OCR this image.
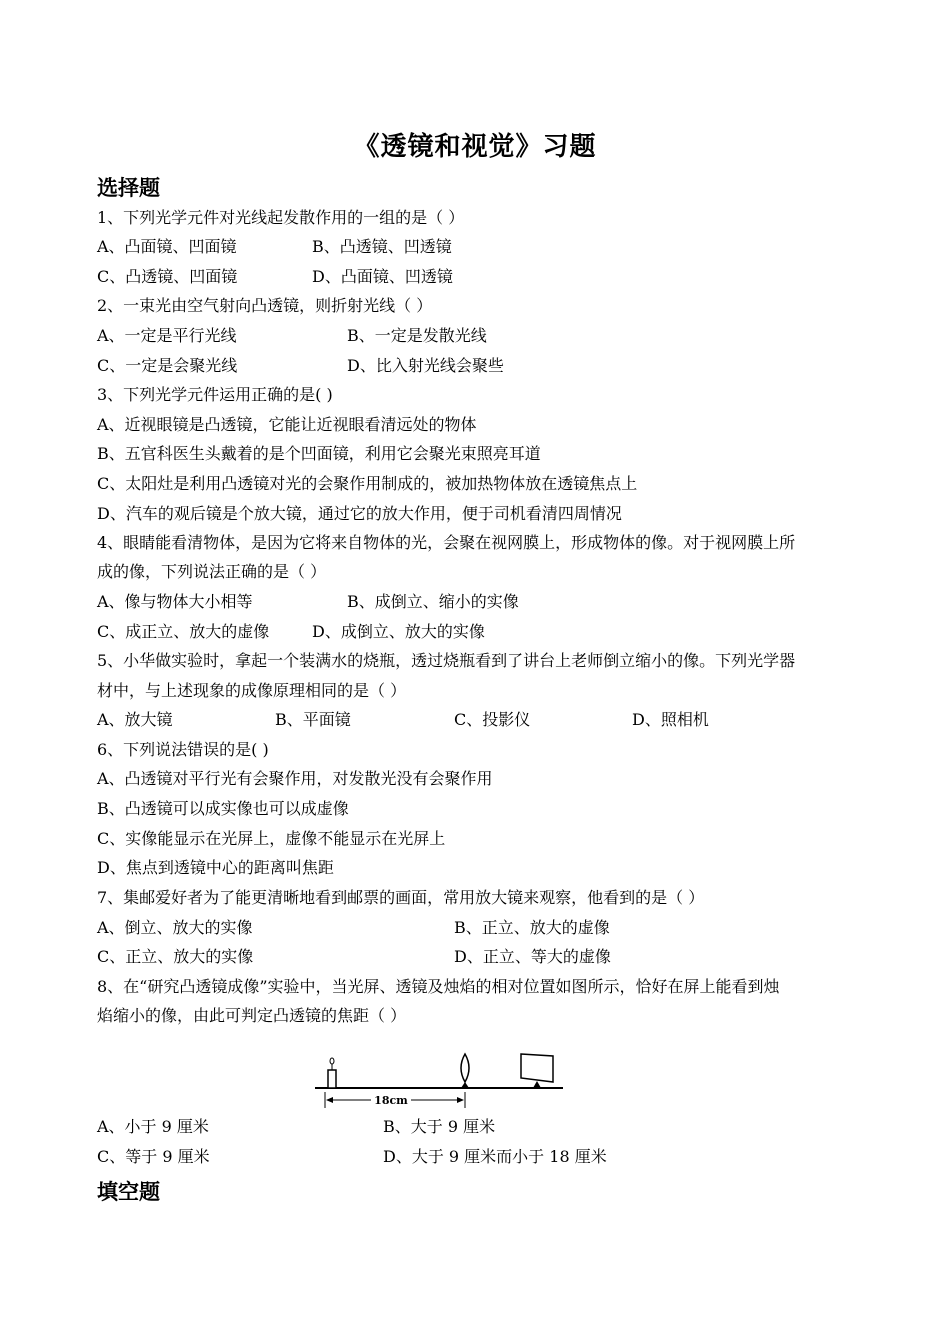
《透镜和视觉》习题
选择题
1、下列光学元件对光线起发散作用的一组的是（ ）
A、凸面镜、凹面镜	B、凸透镜、凹透镜
C、凸透镜、凹面镜	D、凸面镜、凹透镜
2、一束光由空气射向凸透镜，则折射光线（ ）
A、一定是平行光线	B、一定是发散光线
C、一定是会聚光线	D、比入射光线会聚些
3、下列光学元件运用正确的是( )
A、近视眼镜是凸透镜，它能让近视眼看清远处的物体
B、五官科医生头戴着的是个凹面镜，利用它会聚光束照亮耳道
C、太阳灶是利用凸透镜对光的会聚作用制成的，被加热物体放在透镜焦点上
D、汽车的观后镜是个放大镜，通过它的放大作用，便于司机看清四周情况
4、眼睛能看清物体，是因为它将来自物体的光，会聚在视网膜上，形成物体的像。对于视网膜上所
成的像，下列说法正确的是（ ）
A、像与物体大小相等	B、成倒立、缩小的实像
C、成正立、放大的虚像	D、成倒立、放大的实像
5、小华做实验时，拿起一个装满水的烧瓶，透过烧瓶看到了讲台上老师倒立缩小的像。下列光学器
材中，与上述现象的成像原理相同的是（ ）
A、放大镜	B、平面镜	C、投影仪	D、照相机
6、下列说法错误的是( )
A、凸透镜对平行光有会聚作用，对发散光没有会聚作用
B、凸透镜可以成实像也可以成虚像
C、实像能显示在光屏上，虚像不能显示在光屏上
D、焦点到透镜中心的距离叫焦距
7、集邮爱好者为了能更清晰地看到邮票的画面，常用放大镜来观察，他看到的是（ ）
A、倒立、放大的实像	B、正立、放大的虚像
C、正立、放大的实像	D、正立、等大的虚像
8、在“研究凸透镜成像”实验中，当光屏、透镜及烛焰的相对位置如图所示，恰好在屏上能看到烛
焰缩小的像，由此可判定凸透镜的焦距（ ）
18cm
A、小于 9 厘米	B、大于 9 厘米
C、等于 9 厘米	D、大于 9 厘米而小于 18 厘米
填空题
